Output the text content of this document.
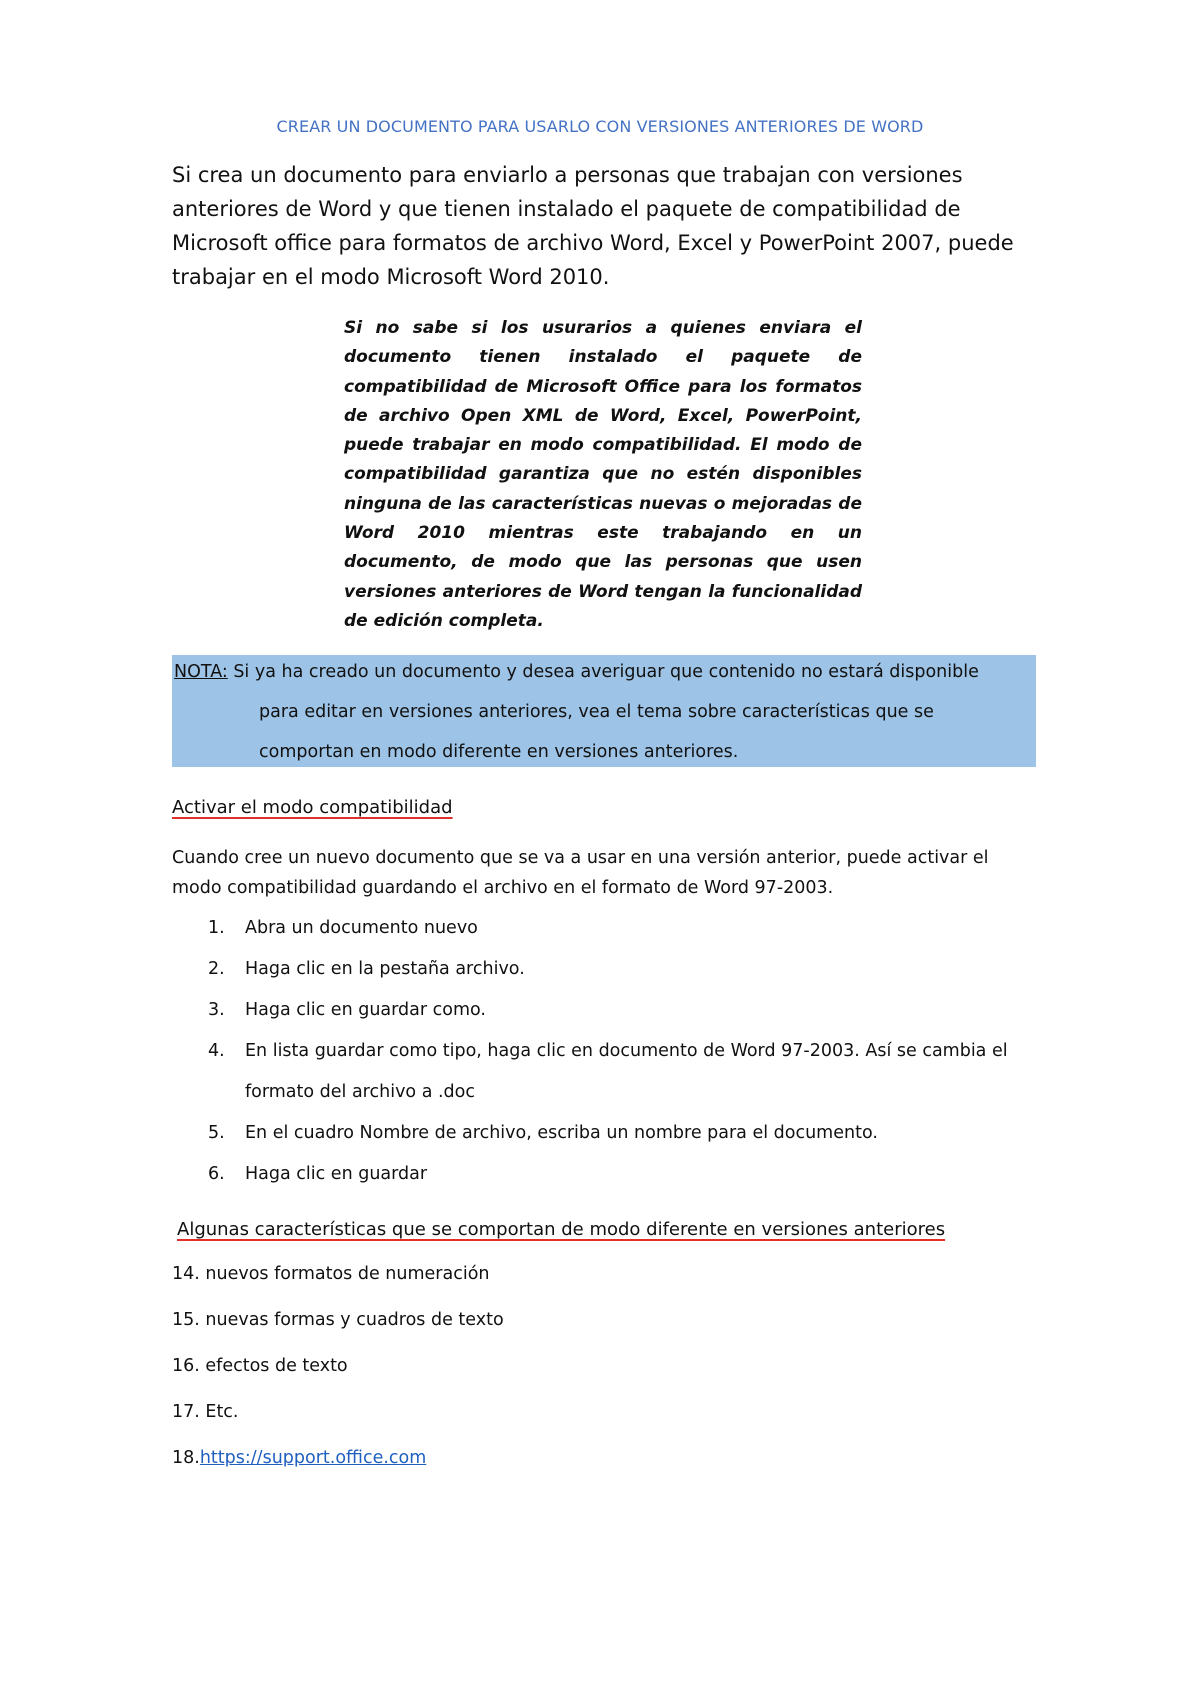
CREAR UN DOCUMENTO PARA USARLO CON VERSIONES ANTERIORES DE WORD
Si crea un documento para enviarlo a personas que trabajan con versiones anteriores de Word y que tienen instalado el paquete de compatibilidad de Microsoft office para formatos de archivo Word, Excel y PowerPoint 2007, puede trabajar en el modo Microsoft Word 2010.
Si no sabe si los usurarios a quienes enviara el documento tienen instalado el paquete de compatibilidad de Microsoft Office para los formatos de archivo Open XML de Word, Excel, PowerPoint, puede trabajar en modo compatibilidad. El modo de compatibilidad garantiza que no estén disponibles ninguna de las características nuevas o mejoradas de Word 2010 mientras este trabajando en un documento, de modo que las personas que usen versiones anteriores de Word tengan la funcionalidad de edición completa.
NOTA: Si ya ha creado un documento y desea averiguar que contenido no estará disponible
para editar en versiones anteriores, vea el tema sobre características que se
comportan en modo diferente en versiones anteriores.
Activar el modo compatibilidad
Cuando cree un nuevo documento que se va a usar en una versión anterior, puede activar el modo compatibilidad guardando el archivo en el formato de Word 97-2003.
1.	Abra un documento nuevo
2.	Haga clic en la pestaña archivo.
3.	Haga clic en guardar como.
4.	En lista guardar como tipo, haga clic en documento de Word 97-2003. Así se cambia el
formato del archivo a .doc
5.	En el cuadro Nombre de archivo, escriba un nombre para el documento.
6.	Haga clic en guardar
Algunas características que se comportan de modo diferente en versiones anteriores
14. nuevos formatos de numeración
15. nuevas formas y cuadros de texto
16. efectos de texto
17. Etc.
18.https://support.office.com
